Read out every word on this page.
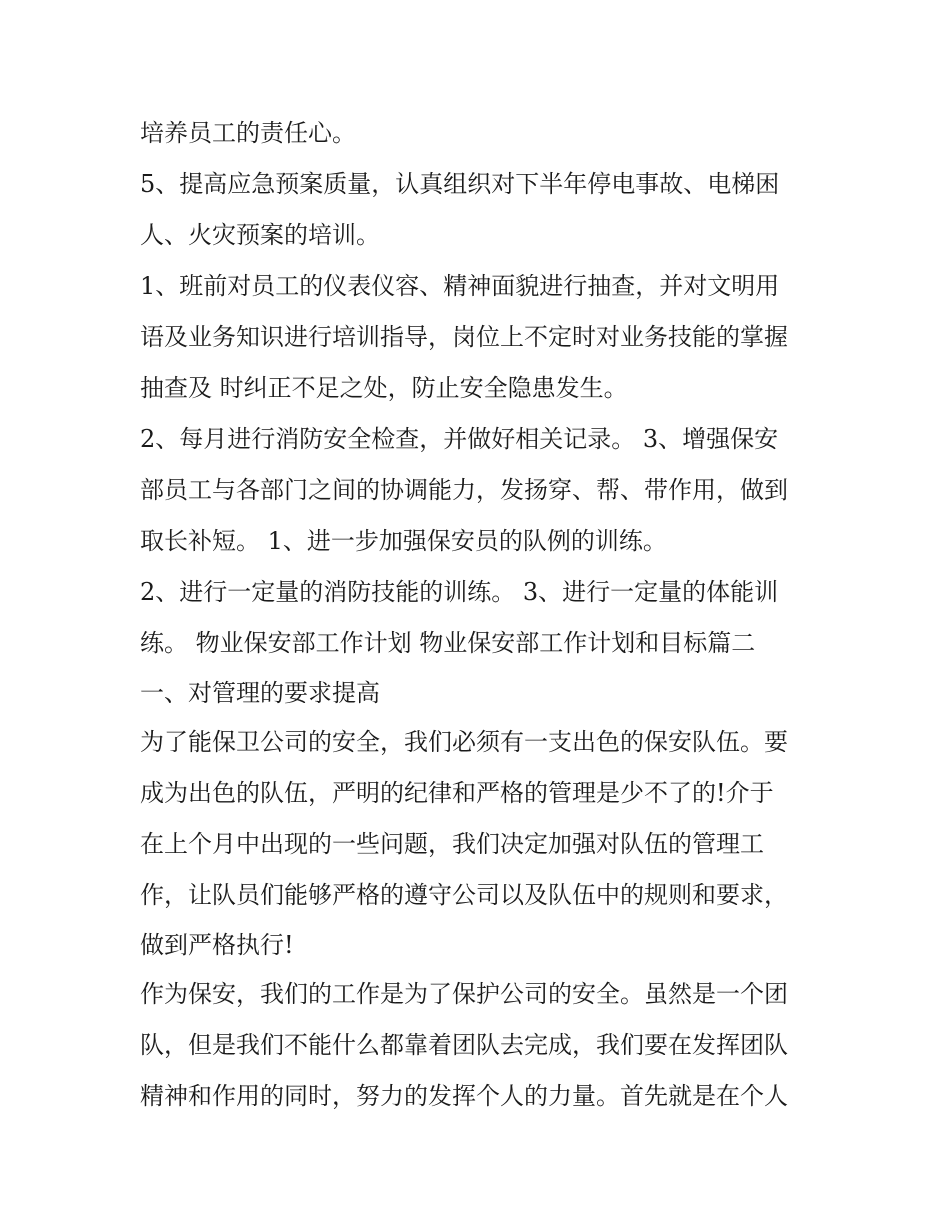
培养员工的责任心。
5、提高应急预案质量，认真组织对下半年停电事故、电梯困
人、火灾预案的培训。
1、班前对员工的仪表仪容、精神面貌进行抽查，并对文明用
语及业务知识进行培训指导，岗位上不定时对业务技能的掌握
抽查及 时纠正不足之处，防止安全隐患发生。
2、每月进行消防安全检查，并做好相关记录。 3、增强保安
部员工与各部门之间的协调能力，发扬穿、帮、带作用，做到
取长补短。 1、进一步加强保安员的队例的训练。
2、进行一定量的消防技能的训练。 3、进行一定量的体能训
练。 物业保安部工作计划 物业保安部工作计划和目标篇二
一、对管理的要求提高
为了能保卫公司的安全，我们必须有一支出色的保安队伍。要
成为出色的队伍，严明的纪律和严格的管理是少不了的!介于
在上个月中出现的一些问题，我们决定加强对队伍的管理工
作，让队员们能够严格的遵守公司以及队伍中的规则和要求，
做到严格执行!
作为保安，我们的工作是为了保护公司的安全。虽然是一个团
队，但是我们不能什么都靠着团队去完成，我们要在发挥团队
精神和作用的同时，努力的发挥个人的力量。首先就是在个人
